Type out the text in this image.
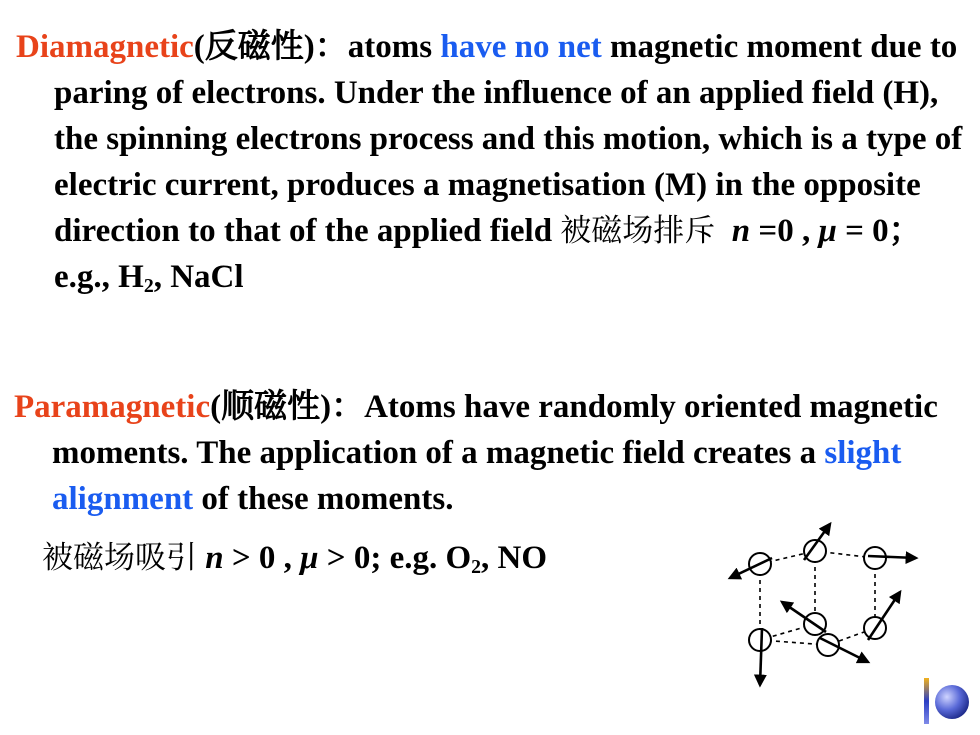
Diamagnetic(反磁性)：atoms have no net magnetic moment due to paring of electrons. Under the influence of an applied field (H), the spinning electrons process and this motion, which is a type of electric current, produces a magnetisation (M) in the opposite direction to that of the applied field 被磁场排斥 n =0 , μ = 0；
e.g., $H_2$, NaCl

Paramagnetic(顺磁性)：Atoms have randomly oriented magnetic moments. The application of a magnetic field creates a slight alignment of these moments.

被磁场吸引 n > 0 , μ > 0; e.g. $O_2$, NO
